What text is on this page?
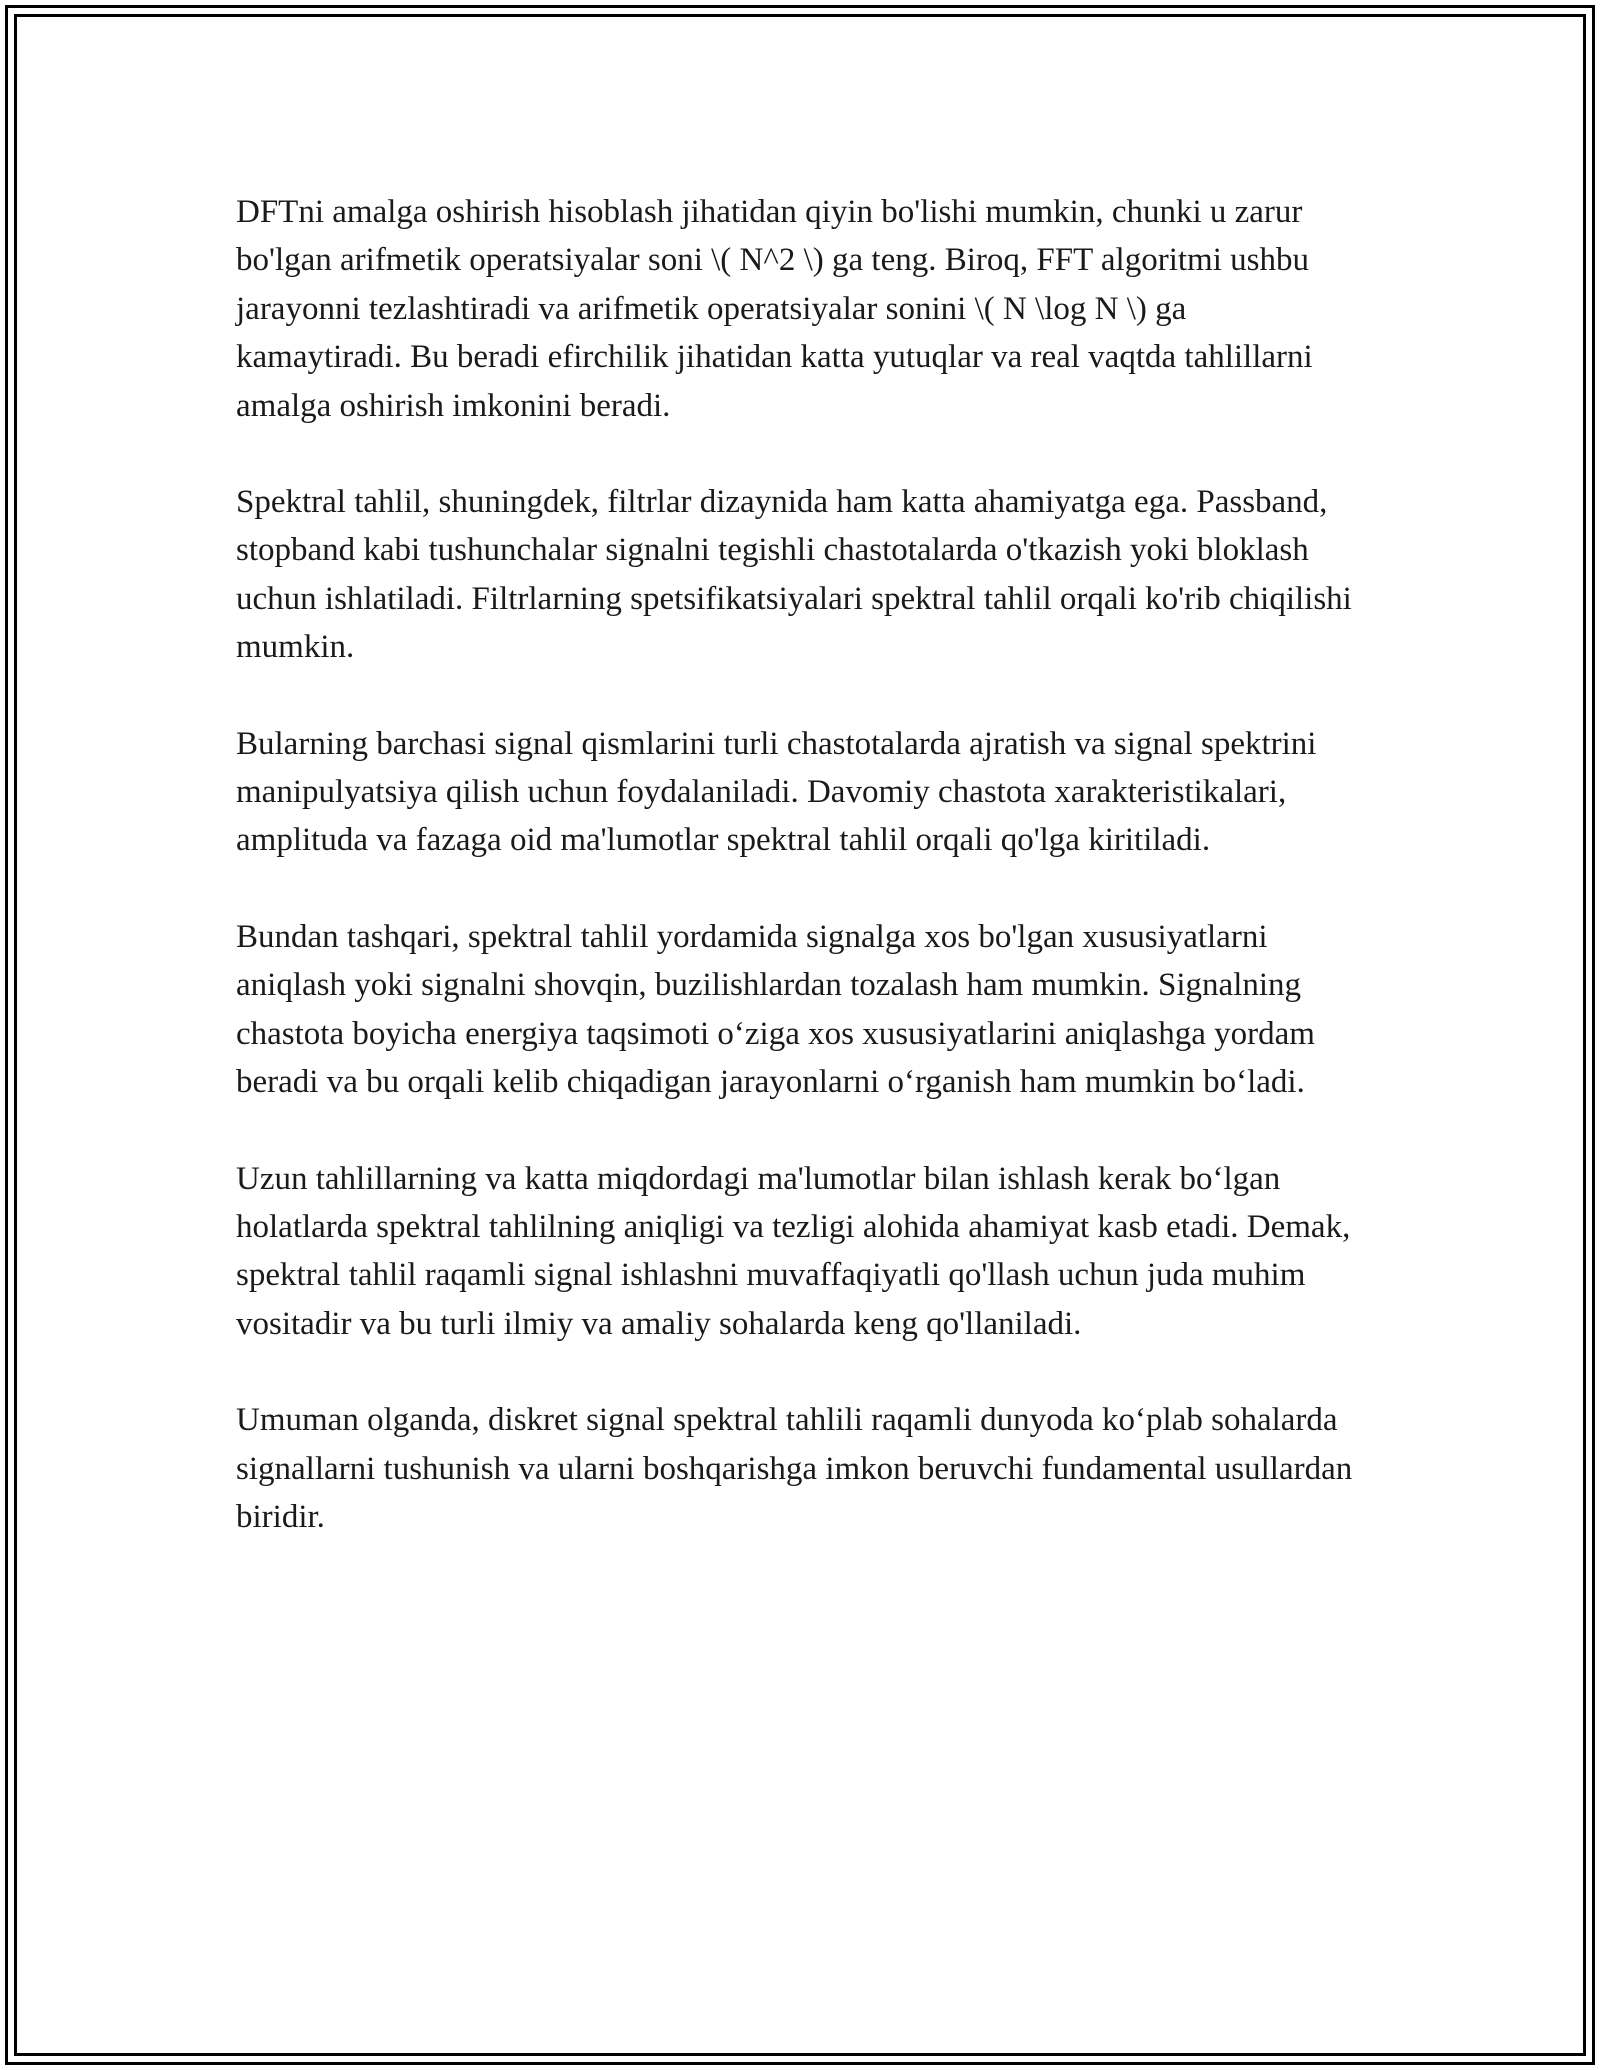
DFTni amalga oshirish hisoblash jihatidan qiyin bo'lishi mumkin, chunki u zarur bo'lgan arifmetik operatsiyalar soni \( N^2 \) ga teng. Biroq, FFT algoritmi ushbu jarayonni tezlashtiradi va arifmetik operatsiyalar sonini \( N \log N \) ga kamaytiradi. Bu beradi efirchilik jihatidan katta yutuqlar va real vaqtda tahlillarni amalga oshirish imkonini beradi.

Spektral tahlil, shuningdek, filtrlar dizaynida ham katta ahamiyatga ega. Passband, stopband kabi tushunchalar signalni tegishli chastotalarda o'tkazish yoki bloklash uchun ishlatiladi. Filtrlarning spetsifikatsiyalari spektral tahlil orqali ko'rib chiqilishi mumkin.

Bularning barchasi signal qismlarini turli chastotalarda ajratish va signal spektrini manipulyatsiya qilish uchun foydalaniladi. Davomiy chastota xarakteristikalari, amplituda va fazaga oid ma'lumotlar spektral tahlil orqali qo'lga kiritiladi.

Bundan tashqari, spektral tahlil yordamida signalga xos bo'lgan xususiyatlarni aniqlash yoki signalni shovqin, buzilishlardan tozalash ham mumkin. Signalning chastota boyicha energiya taqsimoti o‘ziga xos xususiyatlarini aniqlashga yordam beradi va bu orqali kelib chiqadigan jarayonlarni o‘rganish ham mumkin bo‘ladi.

Uzun tahlillarning va katta miqdordagi ma'lumotlar bilan ishlash kerak bo‘lgan holatlarda spektral tahlilning aniqligi va tezligi alohida ahamiyat kasb etadi. Demak, spektral tahlil raqamli signal ishlashni muvaffaqiyatli qo'llash uchun juda muhim vositadir va bu turli ilmiy va amaliy sohalarda keng qo'llaniladi.

Umuman olganda, diskret signal spektral tahlili raqamli dunyoda ko‘plab sohalarda signallarni tushunish va ularni boshqarishga imkon beruvchi fundamental usullardan biridir.
